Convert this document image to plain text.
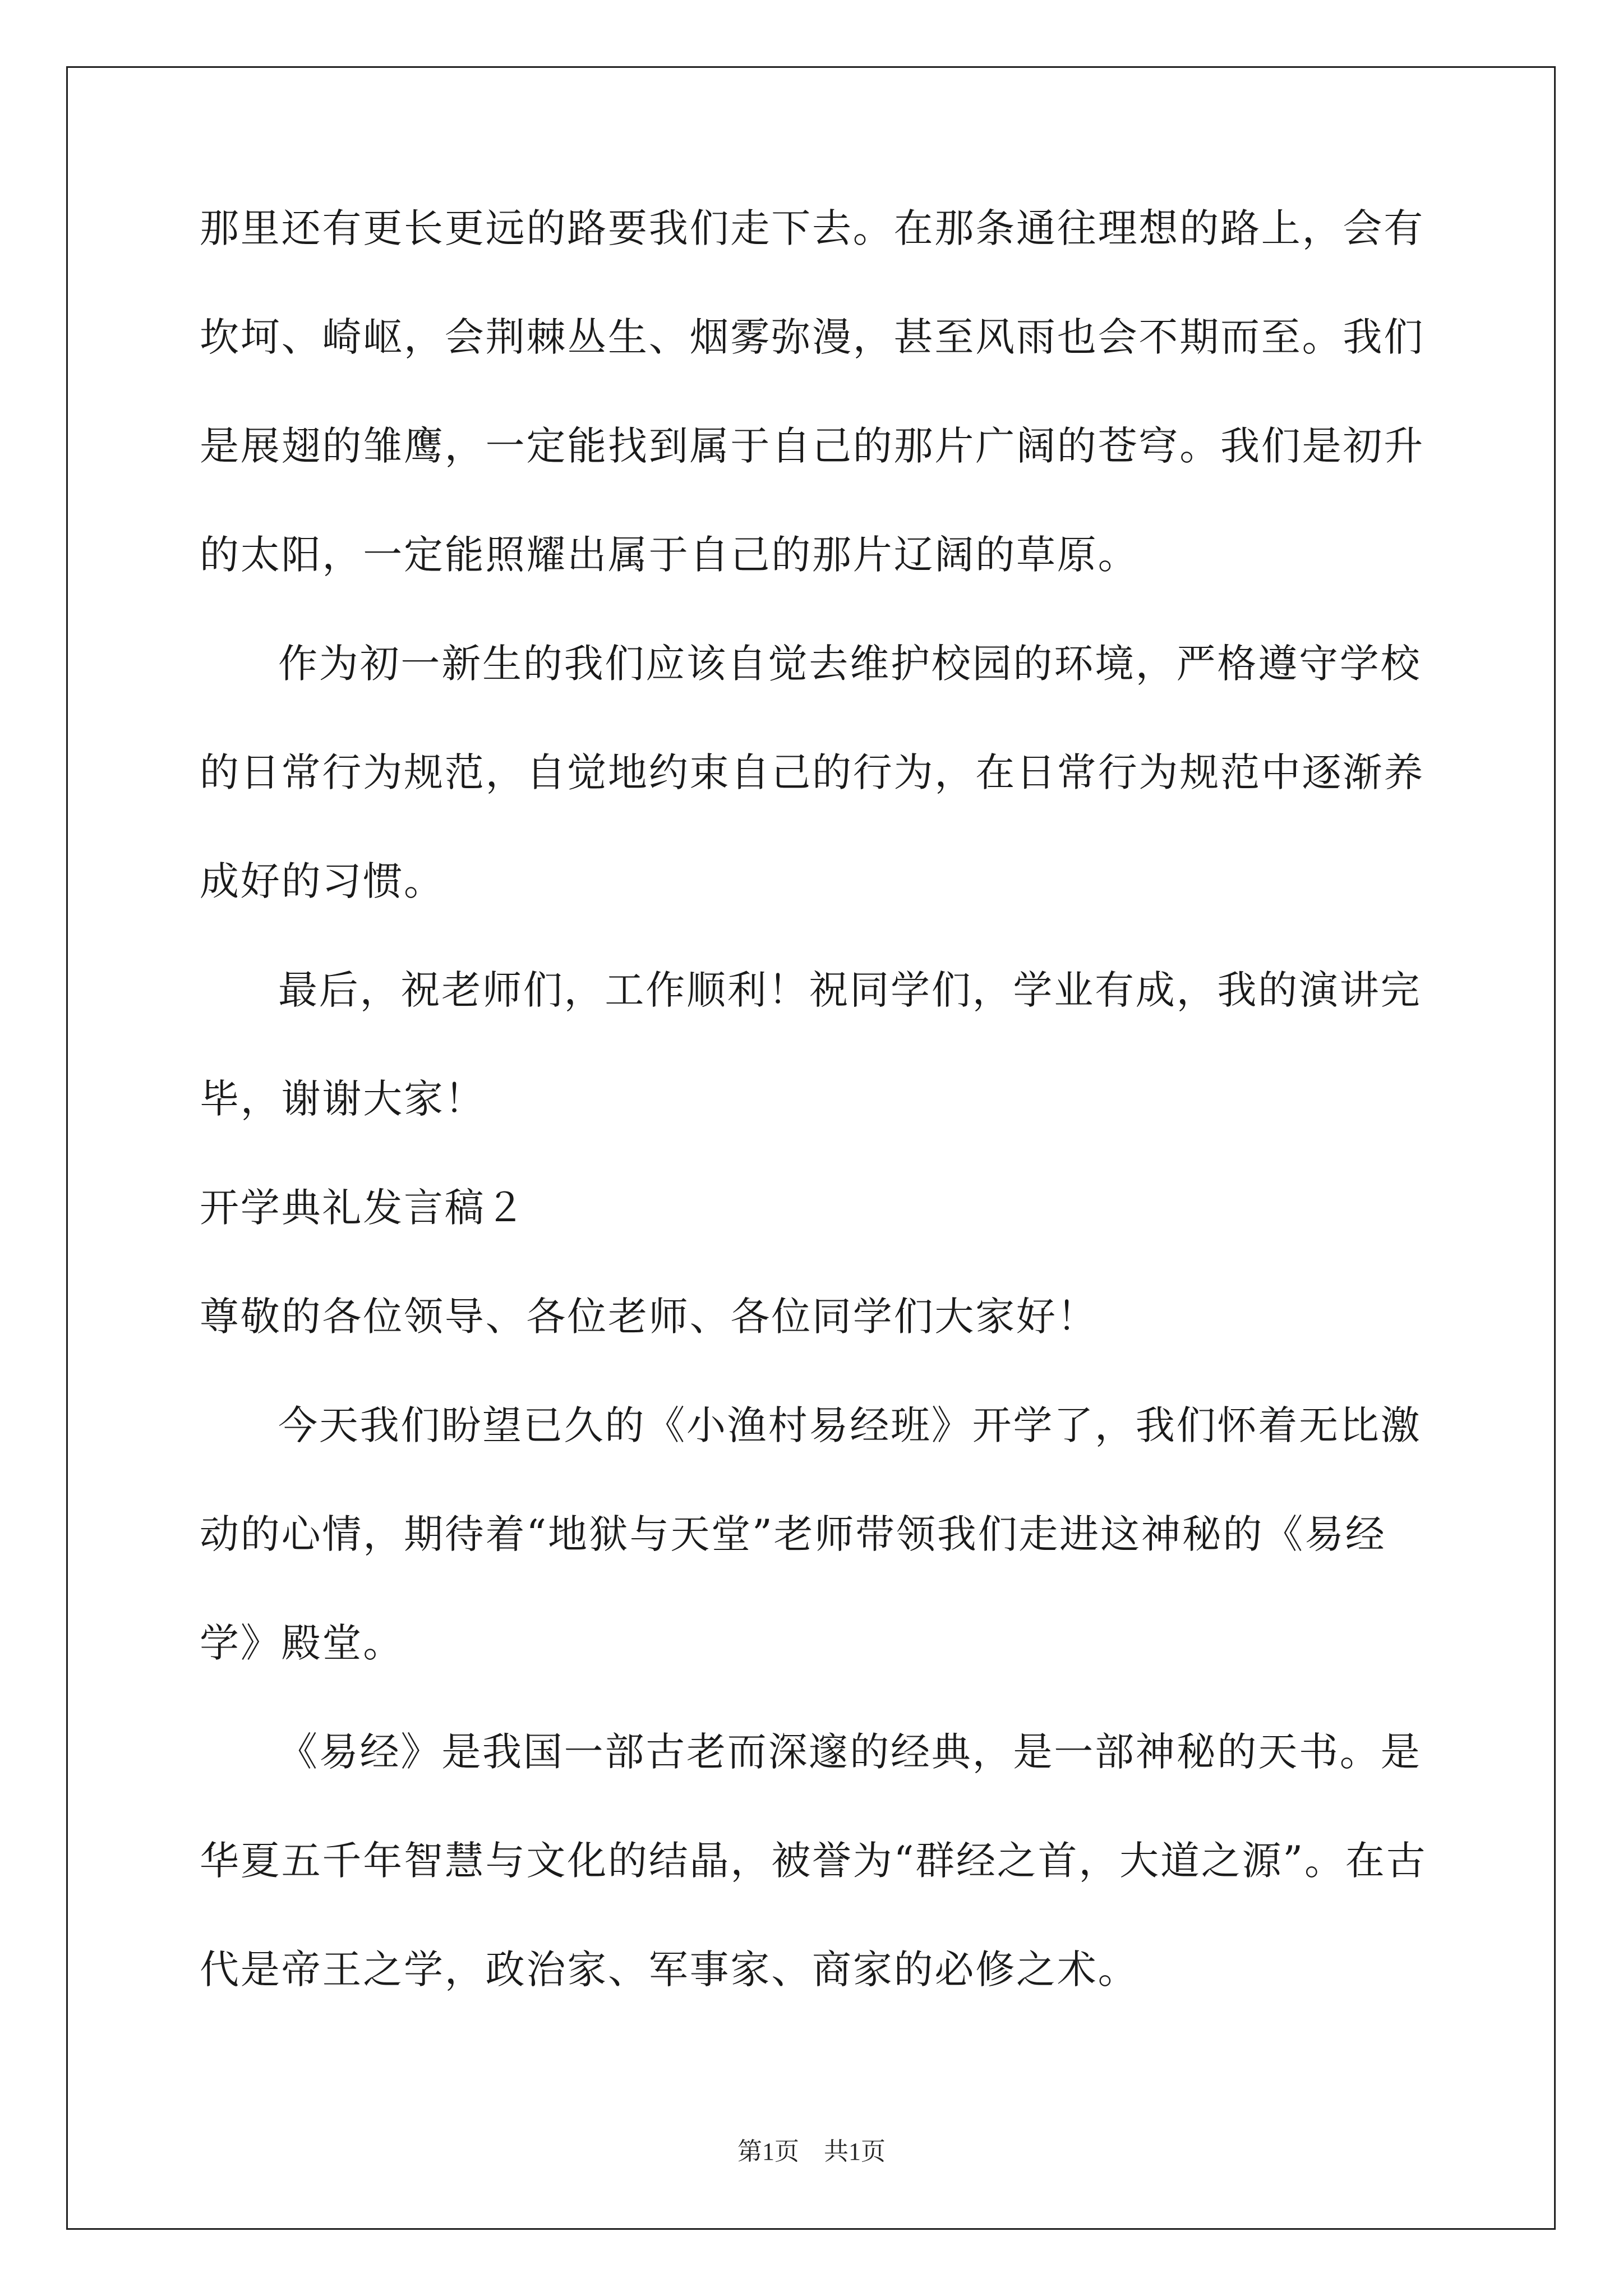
那里还有更长更远的路要我们走下去。在那条通往理想的路上，会有
坎坷、崎岖，会荆棘丛生、烟雾弥漫，甚至风雨也会不期而至。我们
是展翅的雏鹰，一定能找到属于自己的那片广阔的苍穹。我们是初升
的太阳，一定能照耀出属于自己的那片辽阔的草原。
作为初一新生的我们应该自觉去维护校园的环境，严格遵守学校
的日常行为规范，自觉地约束自己的行为，在日常行为规范中逐渐养
成好的习惯。
最后，祝老师们，工作顺利！祝同学们，学业有成，我的演讲完
毕，谢谢大家！
开学典礼发言稿２
尊敬的各位领导、各位老师、各位同学们大家好！
今天我们盼望已久的《小渔村易经班》开学了，我们怀着无比激
动的心情，期待着“地狱与天堂”老师带领我们走进这神秘的《易经
学》殿堂。
《易经》是我国一部古老而深邃的经典，是一部神秘的天书。是
华夏五千年智慧与文化的结晶，被誉为“群经之首，大道之源”。在古
代是帝王之学，政治家、军事家、商家的必修之术。
第1页　共1页
